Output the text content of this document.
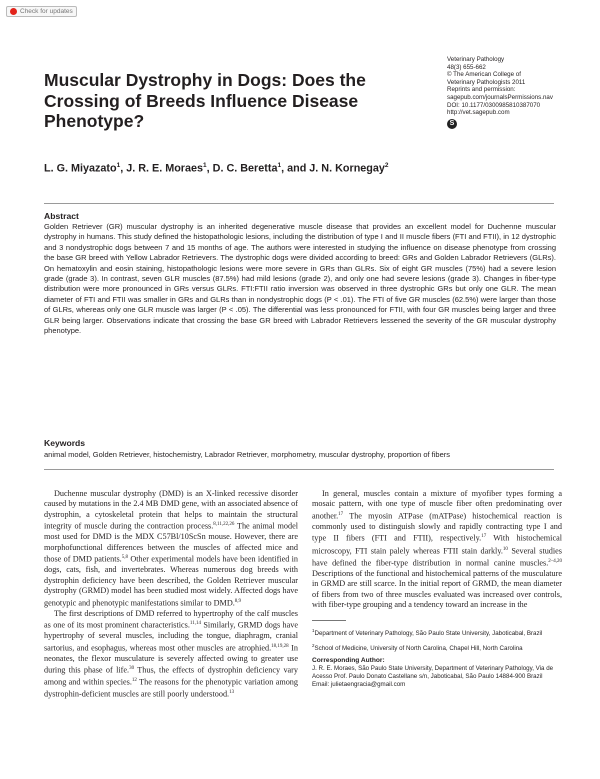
Check for updates
Muscular Dystrophy in Dogs: Does the Crossing of Breeds Influence Disease Phenotype?
Veterinary Pathology
48(3) 655-662
© The American College of
Veterinary Pathologists 2011
Reprints and permission:
sagepub.com/journalsPermissions.nav
DOI: 10.1177/0300985810387070
http://vet.sagepub.com
S
L. G. Miyazato$^1$, J. R. E. Moraes$^1$, D. C. Beretta$^1$, and J. N. Kornegay$^2$
Abstract
Golden Retriever (GR) muscular dystrophy is an inherited degenerative muscle disease that provides an excellent model for Duchenne muscular dystrophy in humans. This study defined the histopathologic lesions, including the distribution of type I and II muscle fibers (FTI and FTII), in 12 dystrophic and 3 nondystrophic dogs between 7 and 15 months of age. The authors were interested in studying the influence on disease phenotype from crossing the base GR breed with Yellow Labrador Retrievers. The dystrophic dogs were divided according to breed: GRs and Golden Labrador Retrievers (GLRs). On hematoxylin and eosin staining, histopathologic lesions were more severe in GRs than GLRs. Six of eight GR muscles (75%) had a severe lesion grade (grade 3). In contrast, seven GLR muscles (87.5%) had mild lesions (grade 2), and only one had severe lesions (grade 3). Changes in fiber-type distribution were more pronounced in GRs versus GLRs. FTI:FTII ratio inversion was observed in three dystrophic GRs but only one GLR. The mean diameter of FTI and FTII was smaller in GRs and GLRs than in nondystrophic dogs (P < .01). The FTI of five GR muscles (62.5%) were larger than those of GLRs, whereas only one GLR muscle was larger (P < .05). The differential was less pronounced for FTII, with four GR muscles being larger and three GLR being larger. Observations indicate that crossing the base GR breed with Labrador Retrievers lessened the severity of the GR muscular dystrophy phenotype.
Keywords
animal model, Golden Retriever, histochemistry, Labrador Retriever, morphometry, muscular dystrophy, proportion of fibers

Duchenne muscular dystrophy (DMD) is an X-linked recessive disorder caused by mutations in the 2.4 MB DMD gene, with an associated absence of dystrophin, a cytoskeletal protein that helps to maintain the structural integrity of muscle during the contraction process.$^{8,11,22,26}$ The animal model most used for DMD is the MDX C57Bl/10ScSn mouse. However, there are morphofunctional differences between the muscles of affected mice and those of DMD patients.$^{5,8}$ Other experimental models have been identified in dogs, cats, fish, and invertebrates. Whereas numerous dog breeds with dystrophin deficiency have been described, the Golden Retriever muscular dystrophy (GRMD) model has been studied most widely. Affected dogs have genotypic and phenotypic manifestations similar to DMD.$^{8,9}$

The first descriptions of DMD referred to hypertrophy of the calf muscles as one of its most prominent characteristics.$^{11,14}$ Similarly, GRMD dogs have hypertrophy of several muscles, including the tongue, diaphragm, cranial sartorius, and esophagus, whereas most other muscles are atrophied.$^{18,19,28}$ In neonates, the flexor musculature is severely affected owing to greater use during this phase of life.$^{30}$ Thus, the effects of dystrophin deficiency vary among and within species.$^{12}$ The reasons for the phenotypic variation among dystrophin-deficient muscles are still poorly understood.$^{13}$

In general, muscles contain a mixture of myofiber types forming a mosaic pattern, with one type of muscle fiber often predominating over another.$^{17}$ The myosin ATPase (mATPase) histochemical reaction is commonly used to distinguish slowly and rapidly contracting type I and type II fibers (FTI and FTII), respectively.$^{17}$ With histochemical microscopy, FTI stain palely whereas FTII stain darkly.$^{10}$ Several studies have defined the fiber-type distribution in normal canine muscles.$^{2-4,20}$ Descriptions of the functional and histochemical patterns of the musculature in GRMD are still scarce. In the initial report of GRMD, the mean diameter of fibers from two of three muscles evaluated was increased over controls, with fiber-type grouping and a tendency toward an increase in the

$^1$Department of Veterinary Pathology, São Paulo State University, Jaboticabal, Brazil
$^2$School of Medicine, University of North Carolina, Chapel Hill, North Carolina
Corresponding Author:
J. R. E. Moraes, São Paulo State University, Department of Veterinary Pathology, Via de Acesso Prof. Paulo Donato Castellane s/n, Jaboticabal, São Paulo 14884-900 Brazil
Email: julietaengracia@gmail.com
